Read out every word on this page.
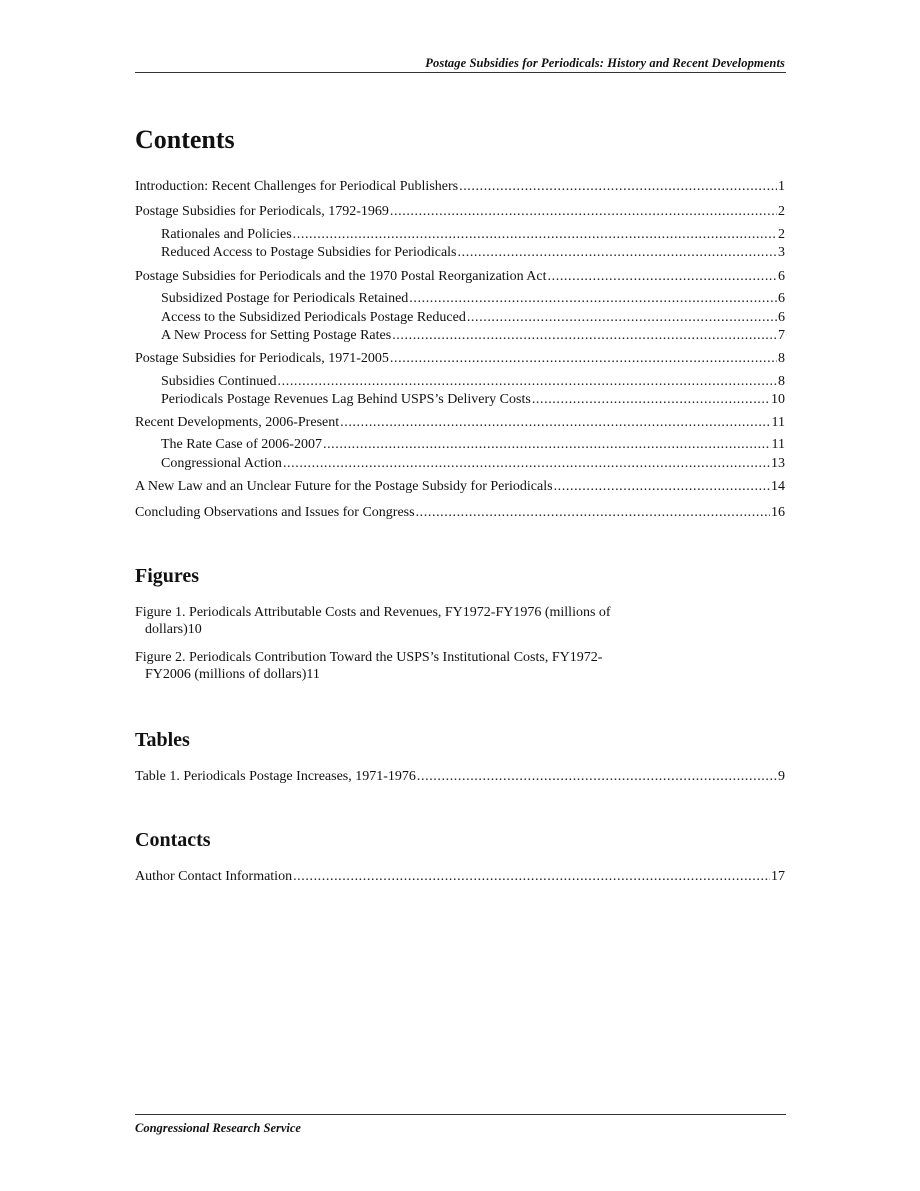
Postage Subsidies for Periodicals: History and Recent Developments
Contents
Introduction: Recent Challenges for Periodical Publishers .....	1
Postage Subsidies for Periodicals, 1792-1969 .....	2
Rationales and Policies .....	2
Reduced Access to Postage Subsidies for Periodicals .....	3
Postage Subsidies for Periodicals and the 1970 Postal Reorganization Act .....	6
Subsidized Postage for Periodicals Retained .....	6
Access to the Subsidized Periodicals Postage Reduced .....	6
A New Process for Setting Postage Rates .....	7
Postage Subsidies for Periodicals, 1971-2005 .....	8
Subsidies Continued .....	8
Periodicals Postage Revenues Lag Behind USPS’s Delivery Costs .....	10
Recent Developments, 2006-Present .....	11
The Rate Case of 2006-2007 .....	11
Congressional Action .....	13
A New Law and an Unclear Future for the Postage Subsidy for Periodicals .....	14
Concluding Observations and Issues for Congress .....	16
Figures
Figure 1. Periodicals Attributable Costs and Revenues, FY1972-FY1976 (millions of
dollars) 10
Figure 2. Periodicals Contribution Toward the USPS’s Institutional Costs, FY1972-
FY2006 (millions of dollars) 11
Tables
Table 1. Periodicals Postage Increases, 1971-1976 .....	9
Contacts
Author Contact Information .....	17
Congressional Research Service
